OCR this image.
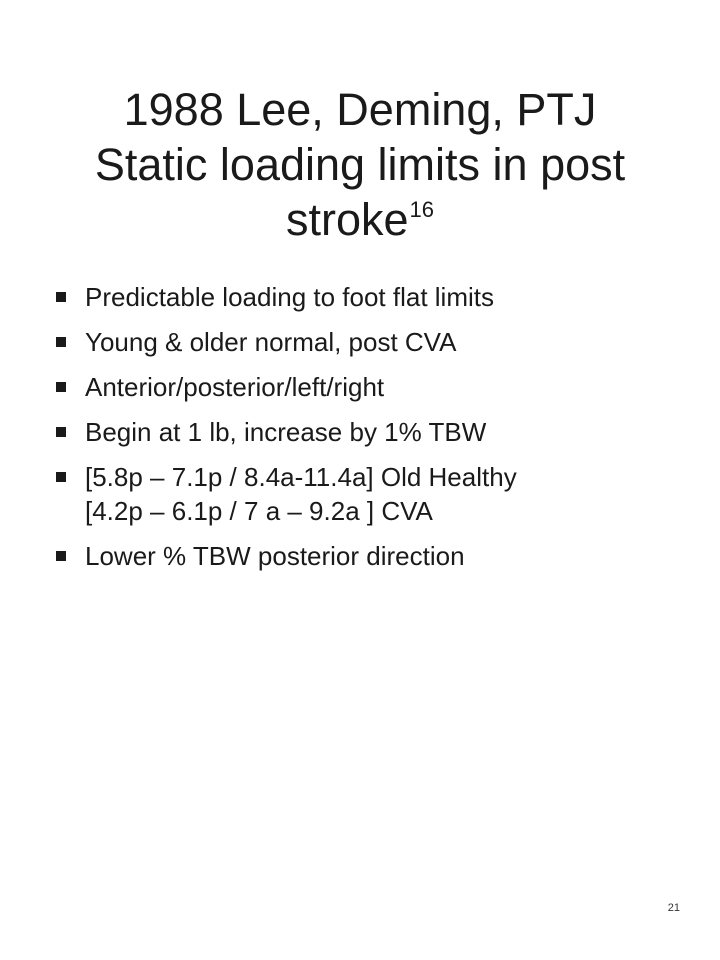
1988 Lee, Deming, PTJ
Static loading limits in post
stroke$^{16}$
Predictable loading to foot flat limits
Young & older normal, post CVA
Anterior/posterior/left/right
Begin at 1 lb, increase by 1% TBW
[5.8p – 7.1p / 8.4a-11.4a] Old Healthy
[4.2p – 6.1p / 7 a – 9.2a ] CVA
Lower % TBW posterior direction
21
